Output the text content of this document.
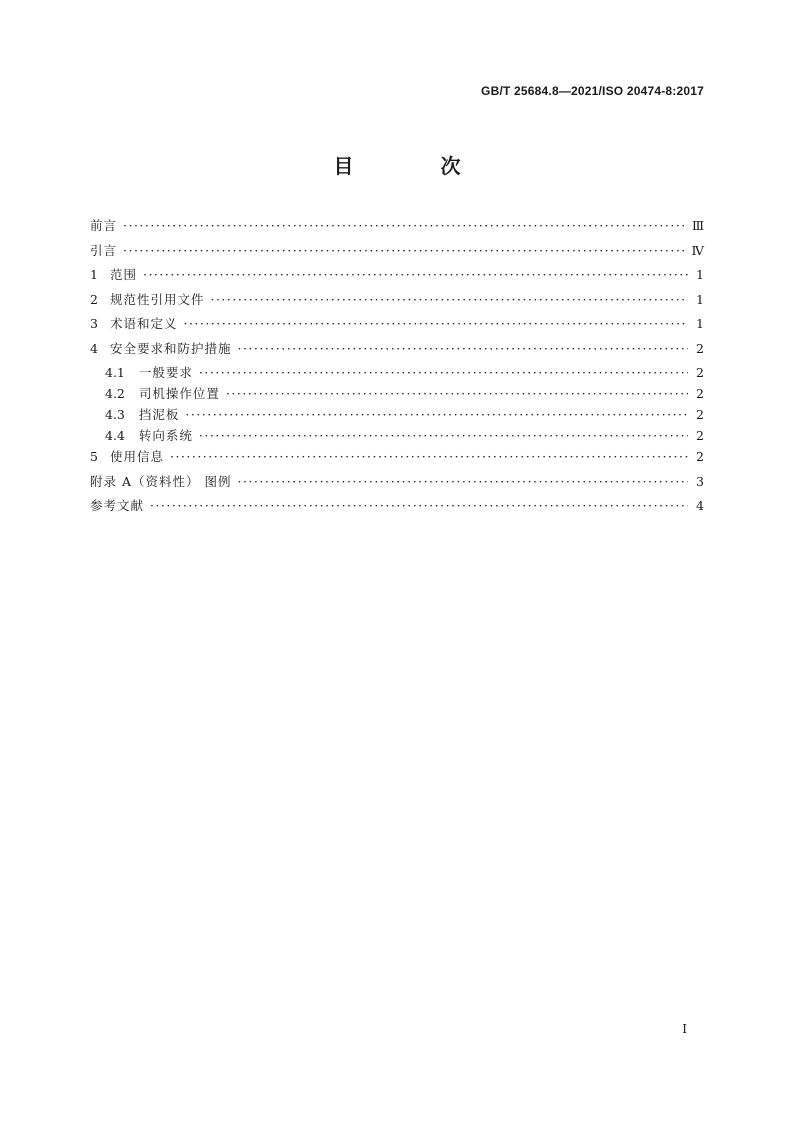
GB/T 25684.8—2021/ISO 20474-8:2017
目 次
前言 ·····	Ⅲ
引言 ·····	Ⅳ
1 范围 ·····	1
2 规范性引用文件 ·····	1
3 术语和定义 ·····	1
4 安全要求和防护措施 ·····	2
4.1 一般要求 ·····	2
4.2 司机操作位置 ·····	2
4.3 挡泥板 ·····	2
4.4 转向系统 ·····	2
5 使用信息 ·····	2
附录 A（资料性） 图例 ·····	3
参考文献 ·····	4
I
